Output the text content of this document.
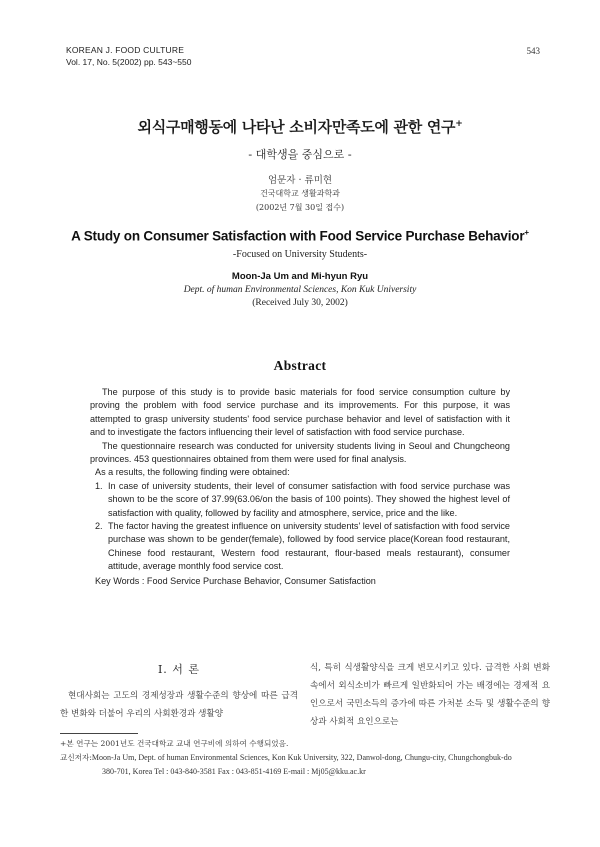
KOREAN J. FOOD CULTURE
Vol. 17, No. 5(2002) pp. 543~550
543
외식구매행동에 나타난 소비자만족도에 관한 연구+
- 대학생을 중심으로 -
엄문자 · 류미현
건국대학교 생활과학과
(2002년 7월 30일 접수)
A Study on Consumer Satisfaction with Food Service Purchase Behavior+
-Focused on University Students-
Moon-Ja Um and Mi-hyun Ryu
Dept. of human Environmental Sciences, Kon Kuk University
(Received July 30, 2002)
Abstract

The purpose of this study is to provide basic materials for food service consumption culture by proving the problem with food service purchase and its improvements. For this purpose, it was attempted to grasp university students' food service purchase behavior and level of satisfaction with it and to investigate the factors influencing their level of satisfaction with food service purchase.

The questionnaire research was conducted for university students living in Seoul and Chungcheong provinces. 453 questionnaires obtained from them were used for final analysis.

As a results, the following finding were obtained:

1. In case of university students, their level of consumer satisfaction with food service purchase was shown to be the score of 37.99(63.06/on the basis of 100 points). They showed the highest level of satisfaction with quality, followed by facility and atmosphere, service, price and the like.

2. The factor having the greatest influence on university students' level of satisfaction with food service purchase was shown to be gender(female), followed by food service place(Korean food restaurant, Chinese food restaurant, Western food restaurant, flour-based meals restaurant), consumer attitude, average monthly food service cost.

Key Words : Food Service Purchase Behavior, Consumer Satisfaction

I. 서 론

현대사회는 고도의 경제성장과 생활수준의 향상에 따른 급격한 변화와 더불어 우리의 사회환경과 생활양

식, 특히 식생활양식을 크게 변모시키고 있다. 급격한 사회 변화 속에서 외식소비가 빠르게 일반화되어 가는 배경에는 경제적 요인으로서 국민소득의 증가에 따른 가처분 소득 및 생활수준의 향상과 사회적 요인으로는

+본 연구는 2001년도 건국대학교 교내 연구비에 의하여 수행되었음.
교신저자: Moon-Ja Um, Dept. of human Environmental Sciences, Kon Kuk University, 322, Danwol-dong, Chungu-city, Chungchongbuk-do
380-701, Korea Tel : 043-840-3581 Fax : 043-851-4169 E-mail : Mj05@kku.ac.kr
